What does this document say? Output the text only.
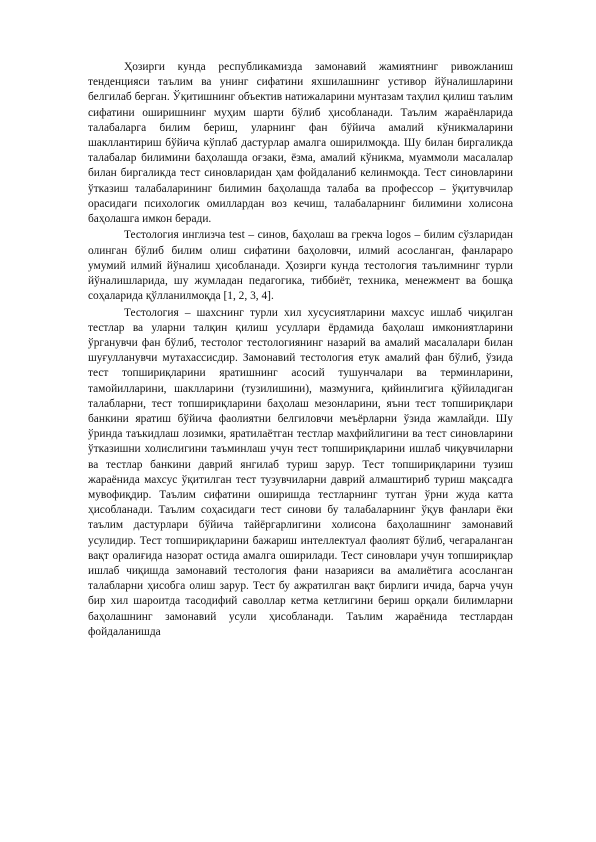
Ҳозирги кунда республикамизда замонавий жамиятнинг ривожланиш тенденцияси таълим ва унинг сифатини яхшилашнинг устивор йўналишларини белгилаб берган. Ўқитишнинг объектив натижаларини мунтазам таҳлил қилиш таълим сифатини оширишнинг муҳим шарти бўлиб ҳисобланади. Таълим жараёнларида талабаларга билим бериш, уларнинг фан бўйича амалий кўникмаларини шакллантириш бўйича кўплаб дастурлар амалга оширилмоқда. Шу билан биргаликда талабалар билимини баҳолашда оғзаки, ёзма, амалий кўникма, муаммоли масалалар билан биргаликда тест синовларидан ҳам фойдаланиб келинмоқда. Тест синовларини ўтказиш талабаларининг билимин баҳолашда талаба ва профессор – ўқитувчилар орасидаги психологик омиллардан воз кечиш, талабаларнинг билимини холисона баҳолашга имкон беради.

Тестология инглизча test – синов, баҳолаш ва грекча logos – билим сўзларидан олинган бўлиб билим олиш сифатини баҳоловчи, илмий асосланган, фанлараро умумий илмий йўналиш ҳисобланади. Ҳозирги кунда тестология таълимнинг турли йўналишларида, шу жумладан педагогика, тиббиёт, техника, менежмент ва бошқа соҳаларида қўлланилмоқда [1, 2, 3, 4].

Тестология – шахснинг турли хил хусусиятларини махсус ишлаб чиқилган тестлар ва уларни талқин қилиш усуллари ёрдамида баҳолаш имкониятларини ўрганувчи фан бўлиб, тестолог тестологиянинг назарий ва амалий масалалари билан шуғулланувчи мутахассисдир. Замонавий тестология етук амалий фан бўлиб, ўзида тест топшириқларини яратишнинг асосий тушунчалари ва терминларини, тамойилларини, шаклларини (тузилишини), мазмунига, қийинлигига қўйиладиган талабларни, тест топшириқларини баҳолаш мезонларини, яъни тест топшириқлари банкини яратиш бўйича фаолиятни белгиловчи меъёрларни ўзида жамлайди. Шу ўринда таъкидлаш лозимки, яратилаётган тестлар махфийлигини ва тест синовларини ўтказишни холислигини таъминлаш учун тест топшириқларини ишлаб чиқувчиларни ва тестлар банкини даврий янгилаб туриш зарур. Тест топшириқларини тузиш жараёнида махсус ўқитилган тест тузувчиларни даврий алмаштириб туриш мақсадга мувофиқдир. Таълим сифатини оширишда тестларнинг тутган ўрни жуда катта ҳисобланади. Таълим соҳасидаги тест синови бу талабаларнинг ўқув фанлари ёки таълим дастурлари бўйича тайёргарлигини холисона баҳолашнинг замонавий усулидир. Тест топшириқларини бажариш интеллектуал фаолият бўлиб, чегараланган вақт оралиғида назорат остида амалга оширилади. Тест синовлари учун топшириқлар ишлаб чиқишда замонавий тестология фани назарияси ва амалиётига асосланган талабларни ҳисобга олиш зарур. Тест бу ажратилган вақт бирлиги ичида, барча учун бир хил шароитда тасодифий саволлар кетма кетлигини бериш орқали билимларни баҳолашнинг замонавий усули ҳисобланади. Таълим жараёнида тестлардан фойдаланишда
